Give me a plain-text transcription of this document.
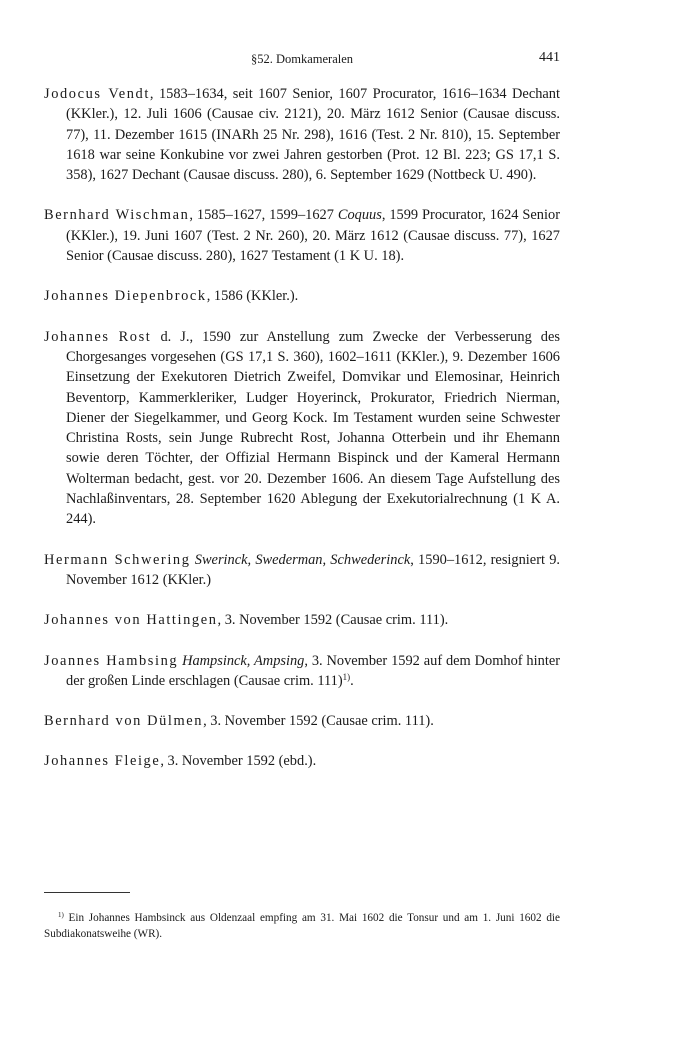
§52. Domkameralen	441

Jodocus Vendt, 1583–1634, seit 1607 Senior, 1607 Procurator, 1616–1634 Dechant (KKler.), 12. Juli 1606 (Causae civ. 2121), 20. März 1612 Senior (Causae discuss. 77), 11. Dezember 1615 (INARh 25 Nr. 298), 1616 (Test. 2 Nr. 810), 15. September 1618 war seine Konkubine vor zwei Jahren gestorben (Prot. 12 Bl. 223; GS 17,1 S. 358), 1627 Dechant (Causae discuss. 280), 6. September 1629 (Nottbeck U. 490).

Bernhard Wischman, 1585–1627, 1599–1627 Coquus, 1599 Procurator, 1624 Senior (KKler.), 19. Juni 1607 (Test. 2 Nr. 260), 20. März 1612 (Causae discuss. 77), 1627 Senior (Causae discuss. 280), 1627 Testament (1 K U. 18).

Johannes Diepenbrock, 1586 (KKler.).

Johannes Rost d. J., 1590 zur Anstellung zum Zwecke der Verbesserung des Chorgesanges vorgesehen (GS 17,1 S. 360), 1602–1611 (KKler.), 9. Dezember 1606 Einsetzung der Exekutoren Dietrich Zweifel, Domvikar und Elemosinar, Heinrich Beventorp, Kammerkleriker, Ludger Hoyerinck, Prokurator, Friedrich Nierman, Diener der Siegelkammer, und Georg Kock. Im Testament wurden seine Schwester Christina Rosts, sein Junge Rubrecht Rost, Johanna Otterbein und ihr Ehemann sowie deren Töchter, der Offizial Hermann Bispinck und der Kameral Hermann Wolterman bedacht, gest. vor 20. Dezember 1606. An diesem Tage Aufstellung des Nachlaßinventars, 28. September 1620 Ablegung der Exekutorialrechnung (1 K A. 244).

Hermann Schwering Swerinck, Swederman, Schwederinck, 1590–1612, resigniert 9. November 1612 (KKler.)

Johannes von Hattingen, 3. November 1592 (Causae crim. 111).

Joannes Hambsing Hampsinck, Ampsing, 3. November 1592 auf dem Domhof hinter der großen Linde erschlagen (Causae crim. 111)$^{1)}$.

Bernhard von Dülmen, 3. November 1592 (Causae crim. 111).

Johannes Fleige, 3. November 1592 (ebd.).

$^{1)}$ Ein Johannes Hambsinck aus Oldenzaal empfing am 31. Mai 1602 die Tonsur und am 1. Juni 1602 die Subdiakonatsweihe (WR).
